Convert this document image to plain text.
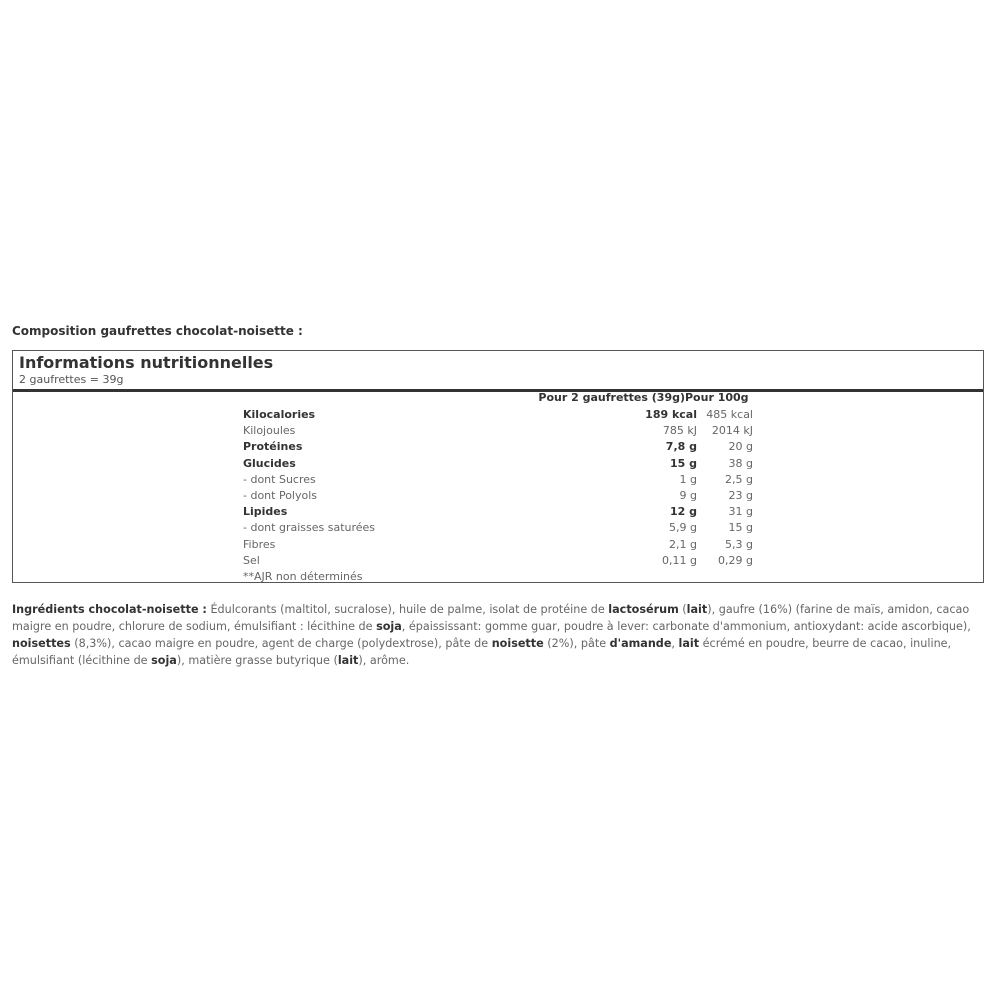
Composition gaufrettes chocolat-noisette :
Informations nutritionnelles
2 gaufrettes = 39g
Pour 2 gaufrettes (39g) Pour 100g
Kilocalories	189 kcal 485 kcal
Kilojoules	785 kJ	2014 kJ
Protéines	7,8 g	20 g
Glucides	15 g	38 g
- dont Sucres	1 g	2,5 g
- dont Polyols	9 g	23 g
Lipides	12 g	31 g
- dont graisses saturées	5,9 g	15 g
Fibres	2,1 g	5,3 g
Sel	0,11 g	0,29 g
**AJR non déterminés
Ingrédients chocolat-noisette : Édulcorants (maltitol, sucralose), huile de palme, isolat de protéine de lactosérum (lait), gaufre (16%) (farine de maïs, amidon, cacao maigre en poudre, chlorure de sodium, émulsifiant : lécithine de soja, épaississant: gomme guar, poudre à lever: carbonate d'ammonium, antioxydant: acide ascorbique), noisettes (8,3%), cacao maigre en poudre, agent de charge (polydextrose), pâte de noisette (2%), pâte d'amande, lait écrémé en poudre, beurre de cacao, inuline, émulsifiant (lécithine de soja), matière grasse butyrique (lait), arôme.
